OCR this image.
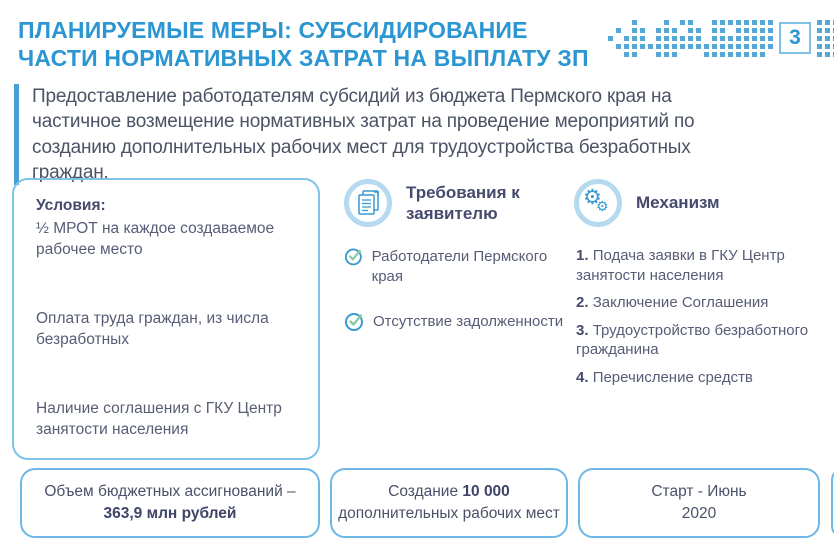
ПЛАНИРУЕМЫЕ МЕРЫ: СУБСИДИРОВАНИЕ ЧАСТИ НОРМАТИВНЫХ ЗАТРАТ НА ВЫПЛАТУ ЗП
3

Предоставление работодателям субсидий из бюджета Пермского края на частичное возмещение нормативных затрат на проведение мероприятий по созданию дополнительных рабочих мест для трудоустройства безработных граждан.

Условия:
½ МРОТ на каждое создаваемое рабочее место
Оплата труда граждан, из числа безработных
Наличие соглашения с ГКУ Центр занятости населения
Требования к заявителю
Работодатели Пермского края
Отсутствие задолженности
⚙
⚙ Механизм

1. Подача заявки в ГКУ Центр занятости населения

2. Заключение Соглашения

3. Трудоустройство безработного гражданина

4. Перечисление средств

Объем бюджетных ассигнований –
363,9 млн рублей
Создание 10 000
дополнительных рабочих мест
Старт - Июнь
2020
